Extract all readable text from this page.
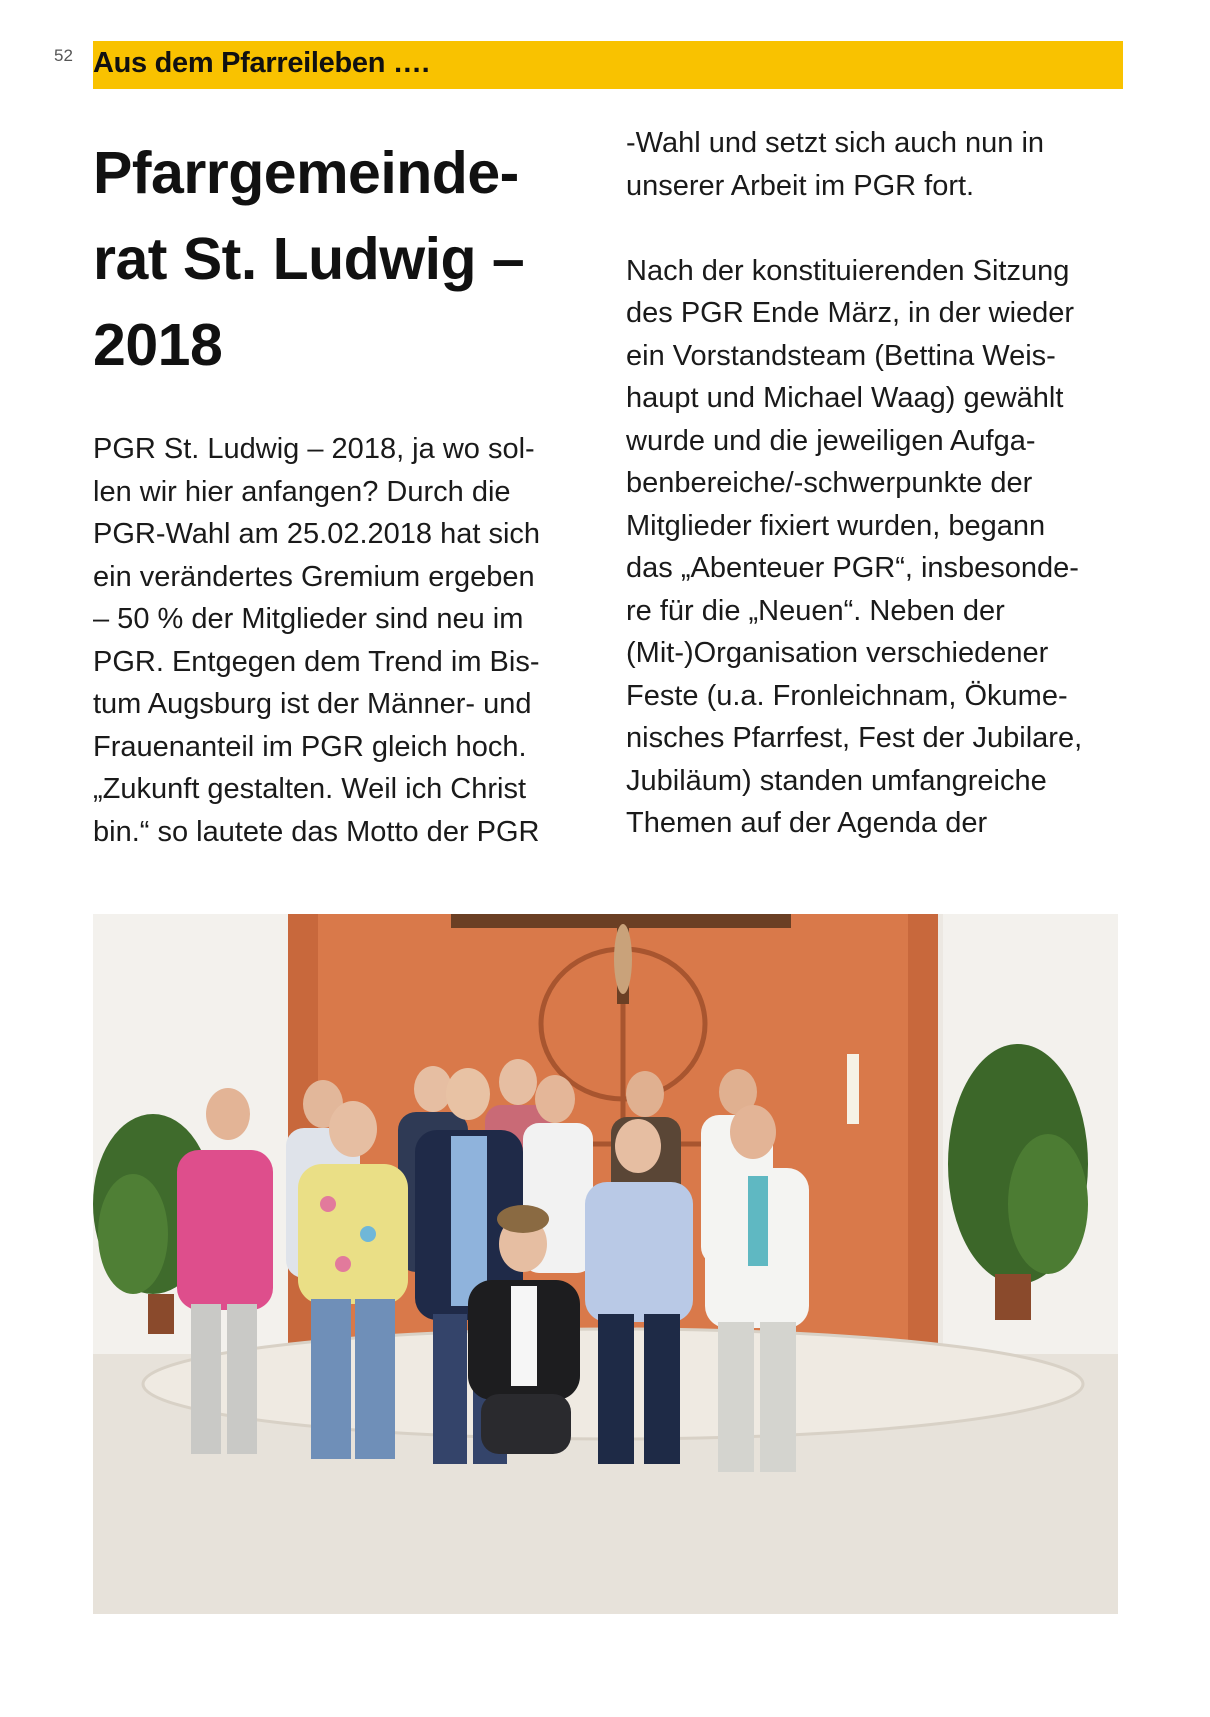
52 Aus dem Pfarreileben ….
Pfarrgemeinde-
rat St. Ludwig –
2018
PGR St. Ludwig – 2018, ja wo sol-
len wir hier anfangen? Durch die
PGR-Wahl am 25.02.2018 hat sich
ein verändertes Gremium ergeben
– 50 % der Mitglieder sind neu im
PGR. Entgegen dem Trend im Bis-
tum Augsburg ist der Männer- und
Frauenanteil im PGR gleich hoch.
„Zukunft gestalten. Weil ich Christ
bin.“ so lautete das Motto der PGR
-Wahl und setzt sich auch nun in
unserer Arbeit im PGR fort.
Nach der konstituierenden Sitzung
des PGR Ende März, in der wieder
ein Vorstandsteam (Bettina Weis-
haupt und Michael Waag) gewählt
wurde und die jeweiligen Aufga-
benbereiche/-schwerpunkte der
Mitglieder fixiert wurden, begann
das „Abenteuer PGR“, insbesonde-
re für die „Neuen“. Neben der
(Mit-)Organisation verschiedener
Feste (u.a. Fronleichnam, Ökume-
nisches Pfarrfest, Fest der Jubilare,
Jubiläum) standen umfangreiche
Themen auf der Agenda der
